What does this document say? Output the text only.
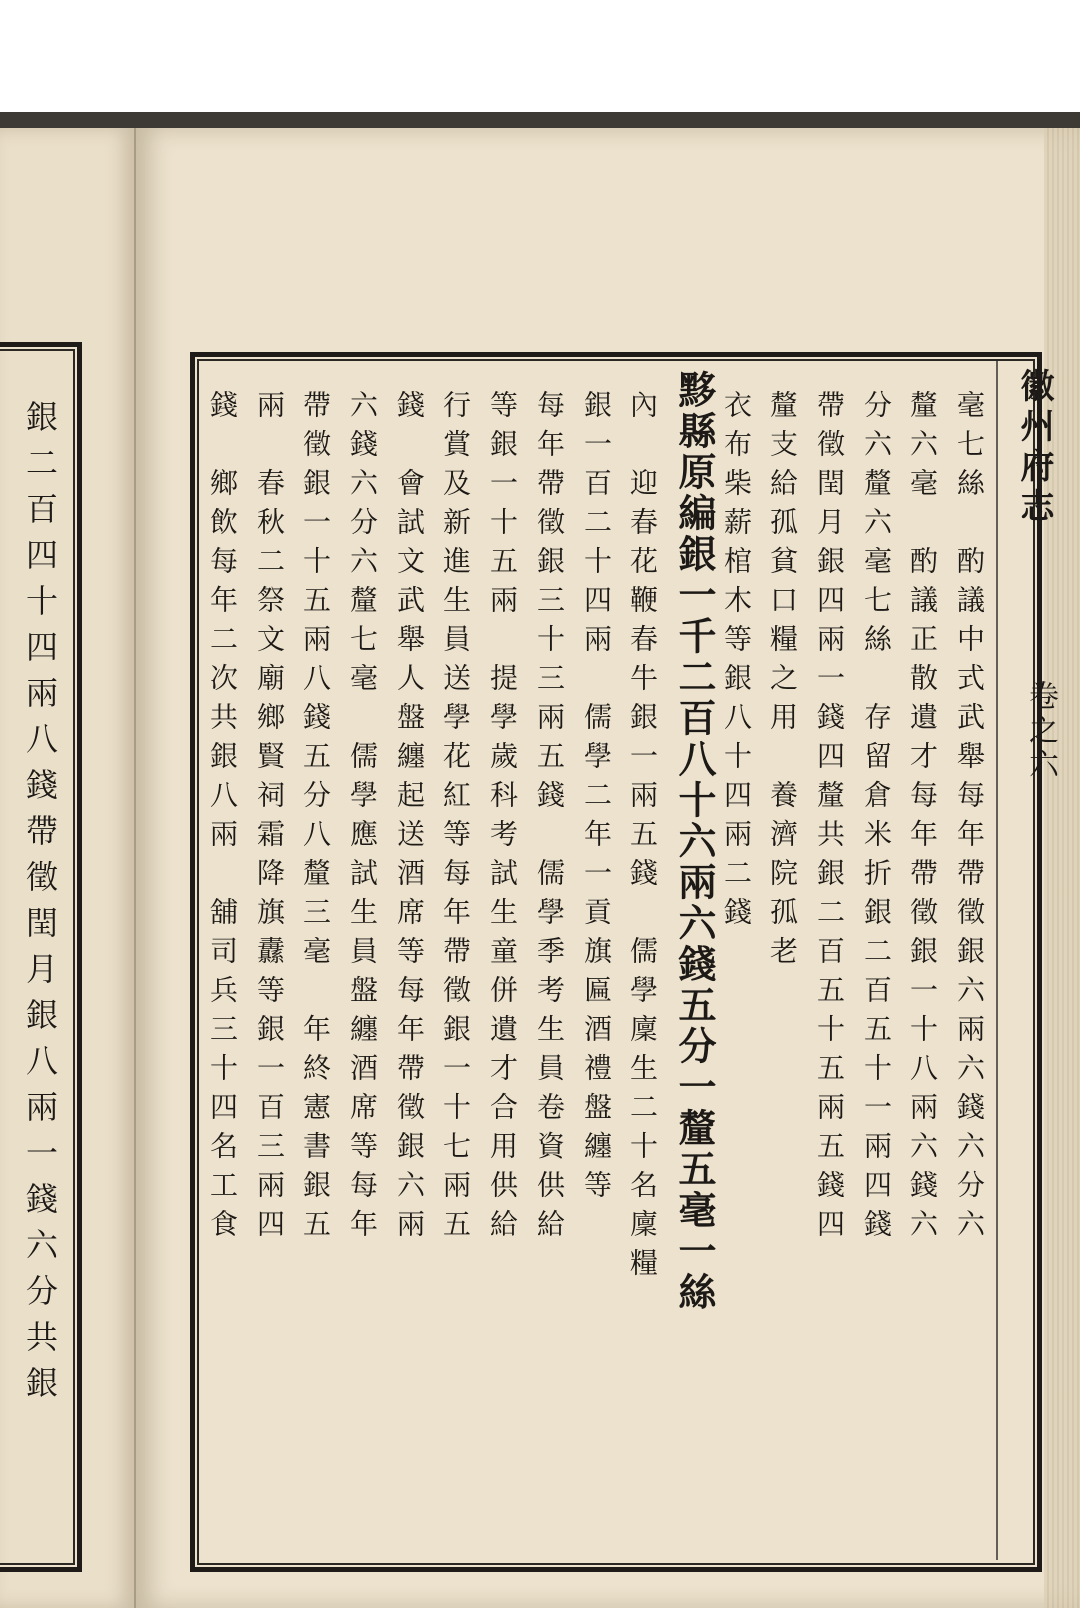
徽州府志
卷之六
毫七絲　酌議中式武舉每年帶徵銀六兩六錢六分六
釐六毫　酌議正散遺才每年帶徵銀一十八兩六錢六
分六釐六毫七絲　存留倉米折銀二百五十一兩四錢
帶徵閏月銀四兩一錢四釐共銀二百五十五兩五錢四
釐支給孤貧口糧之用　養濟院孤老
衣布柴薪棺木等銀八十四兩二錢
黟縣原編銀一千二百八十六兩六錢五分一釐五毫一絲
內　迎春花鞭春牛銀一兩五錢　儒學廩生二十名廩糧
銀一百二十四兩　儒學二年一貢旗匾酒禮盤纏等
每年帶徵銀三十三兩五錢　儒學季考生員卷資供給
等銀一十五兩　提學歲科考試生童併遺才合用供給
行賞及新進生員送學花紅等每年帶徵銀一十七兩五
錢　會試文武舉人盤纏起送酒席等每年帶徵銀六兩
六錢六分六釐七毫　儒學應試生員盤纏酒席等每年
帶徵銀一十五兩八錢五分八釐三毫　年終憲書銀五
兩　春秋二祭文廟鄉賢祠霜降旗纛等銀一百三兩四
錢　鄉飲每年二次共銀八兩　舖司兵三十四名工食
銀二百四十四兩八錢帶徵閏月銀八兩一錢六分共銀
